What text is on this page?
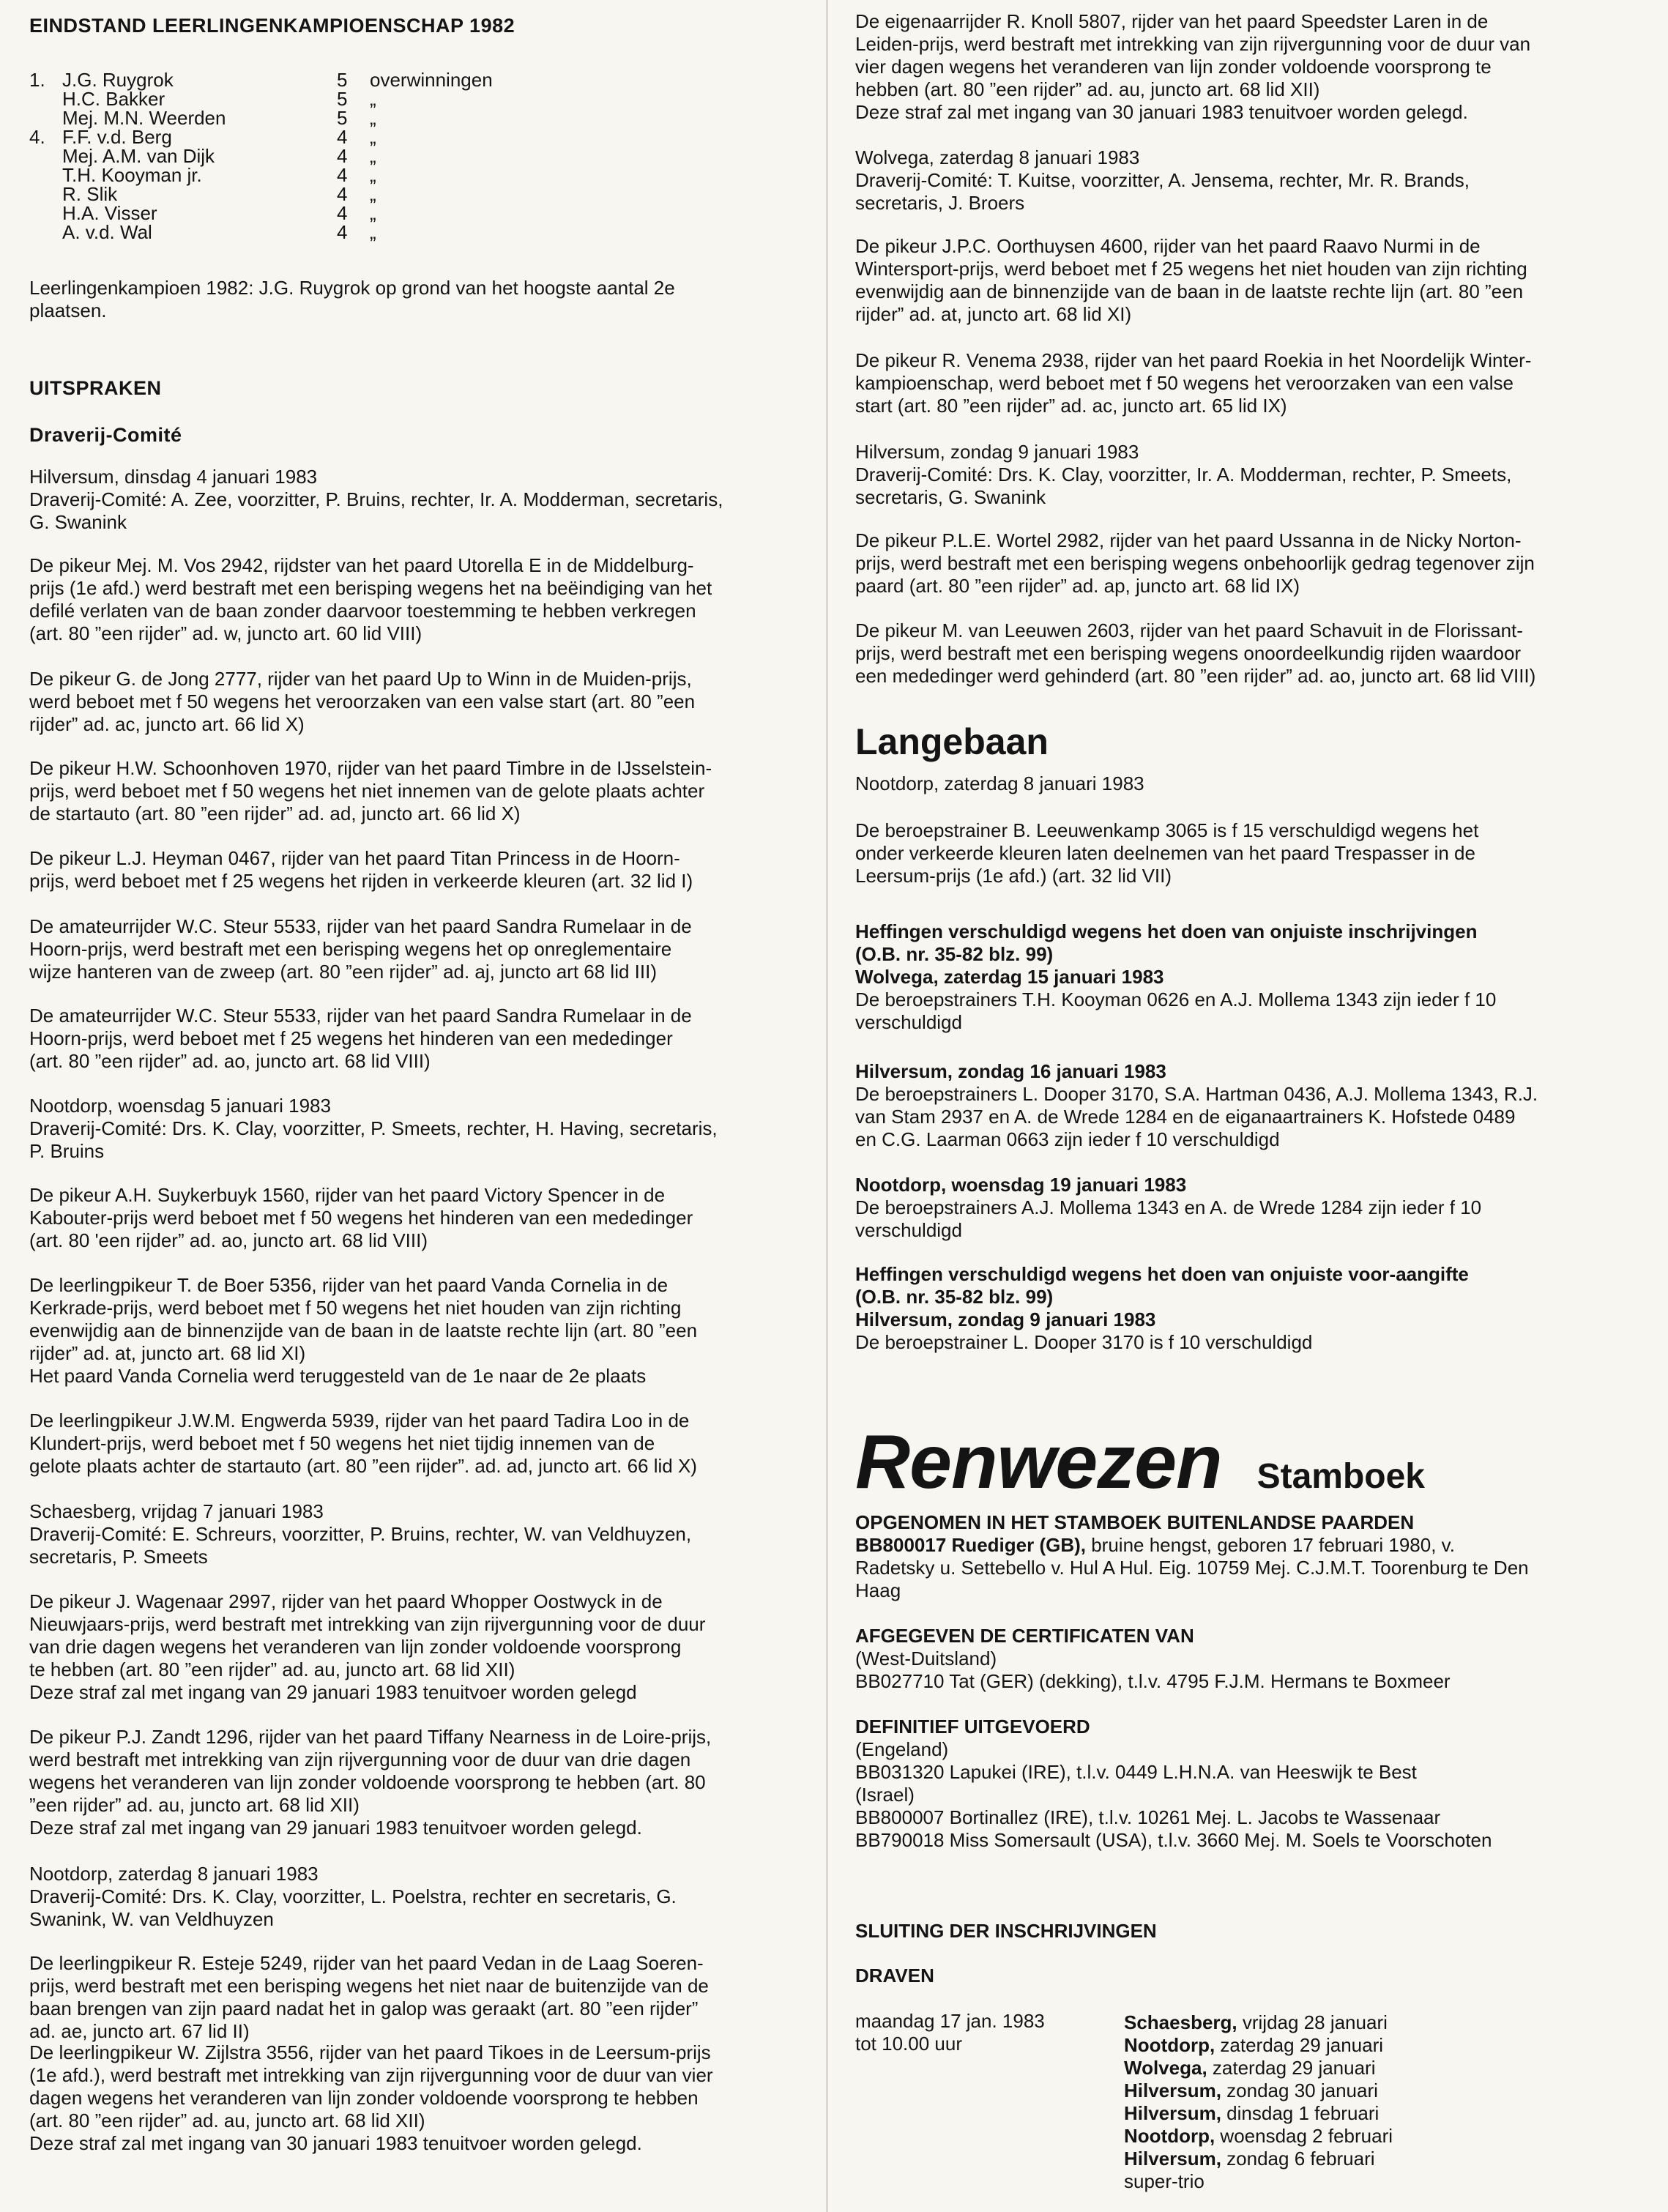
EINDSTAND LEERLINGENKAMPIOENSCHAP 1982

1.	J.G. Ruygrok	5	overwinningen
	H.C. Bakker	5	„
	Mej. M.N. Weerden	5	„
4.	F.F. v.d. Berg	4	„
	Mej. A.M. van Dijk	4	„
	T.H. Kooyman jr.	4	„
	R. Slik	4	„
	H.A. Visser	4	„
	A. v.d. Wal	4	„

Leerlingenkampioen 1982: J.G. Ruygrok op grond van het hoogste aantal 2e
plaatsen.

UITSPRAKEN

Draverij-Comité

Hilversum, dinsdag 4 januari 1983
Draverij-Comité: A. Zee, voorzitter, P. Bruins, rechter, Ir. A. Modderman, secretaris,
G. Swanink

De pikeur Mej. M. Vos 2942, rijdster van het paard Utorella E in de Middelburg-
prijs (1e afd.) werd bestraft met een berisping wegens het na beëindiging van het
defilé verlaten van de baan zonder daarvoor toestemming te hebben verkregen
(art. 80 ”een rijder” ad. w, juncto art. 60 lid VIII)

De pikeur G. de Jong 2777, rijder van het paard Up to Winn in de Muiden-prijs,
werd beboet met f 50 wegens het veroorzaken van een valse start (art. 80 ”een
rijder” ad. ac, juncto art. 66 lid X)

De pikeur H.W. Schoonhoven 1970, rijder van het paard Timbre in de IJsselstein-
prijs, werd beboet met f 50 wegens het niet innemen van de gelote plaats achter
de startauto (art. 80 ”een rijder” ad. ad, juncto art. 66 lid X)

De pikeur L.J. Heyman 0467, rijder van het paard Titan Princess in de Hoorn-
prijs, werd beboet met f 25 wegens het rijden in verkeerde kleuren (art. 32 lid I)

De amateurrijder W.C. Steur 5533, rijder van het paard Sandra Rumelaar in de
Hoorn-prijs, werd bestraft met een berisping wegens het op onreglementaire
wijze hanteren van de zweep (art. 80 ”een rijder” ad. aj, juncto art 68 lid III)

De amateurrijder W.C. Steur 5533, rijder van het paard Sandra Rumelaar in de
Hoorn-prijs, werd beboet met f 25 wegens het hinderen van een mededinger
(art. 80 ”een rijder” ad. ao, juncto art. 68 lid VIII)

Nootdorp, woensdag 5 januari 1983
Draverij-Comité: Drs. K. Clay, voorzitter, P. Smeets, rechter, H. Having, secretaris,
P. Bruins

De pikeur A.H. Suykerbuyk 1560, rijder van het paard Victory Spencer in de
Kabouter-prijs werd beboet met f 50 wegens het hinderen van een mededinger
(art. 80 'een rijder” ad. ao, juncto art. 68 lid VIII)

De leerlingpikeur T. de Boer 5356, rijder van het paard Vanda Cornelia in de
Kerkrade-prijs, werd beboet met f 50 wegens het niet houden van zijn richting
evenwijdig aan de binnenzijde van de baan in de laatste rechte lijn (art. 80 ”een
rijder” ad. at, juncto art. 68 lid XI)
Het paard Vanda Cornelia werd teruggesteld van de 1e naar de 2e plaats

De leerlingpikeur J.W.M. Engwerda 5939, rijder van het paard Tadira Loo in de
Klundert-prijs, werd beboet met f 50 wegens het niet tijdig innemen van de
gelote plaats achter de startauto (art. 80 ”een rijder”. ad. ad, juncto art. 66 lid X)

Schaesberg, vrijdag 7 januari 1983
Draverij-Comité: E. Schreurs, voorzitter, P. Bruins, rechter, W. van Veldhuyzen,
secretaris, P. Smeets

De pikeur J. Wagenaar 2997, rijder van het paard Whopper Oostwyck in de
Nieuwjaars-prijs, werd bestraft met intrekking van zijn rijvergunning voor de duur
van drie dagen wegens het veranderen van lijn zonder voldoende voorsprong
te hebben (art. 80 ”een rijder” ad. au, juncto art. 68 lid XII)
Deze straf zal met ingang van 29 januari 1983 tenuitvoer worden gelegd

De pikeur P.J. Zandt 1296, rijder van het paard Tiffany Nearness in de Loire-prijs,
werd bestraft met intrekking van zijn rijvergunning voor de duur van drie dagen
wegens het veranderen van lijn zonder voldoende voorsprong te hebben (art. 80
”een rijder” ad. au, juncto art. 68 lid XII)
Deze straf zal met ingang van 29 januari 1983 tenuitvoer worden gelegd.

Nootdorp, zaterdag 8 januari 1983
Draverij-Comité: Drs. K. Clay, voorzitter, L. Poelstra, rechter en secretaris, G.
Swanink, W. van Veldhuyzen

De leerlingpikeur R. Esteje 5249, rijder van het paard Vedan in de Laag Soeren-
prijs, werd bestraft met een berisping wegens het niet naar de buitenzijde van de
baan brengen van zijn paard nadat het in galop was geraakt (art. 80 ”een rijder”
ad. ae, juncto art. 67 lid II)

De leerlingpikeur W. Zijlstra 3556, rijder van het paard Tikoes in de Leersum-prijs
(1e afd.), werd bestraft met intrekking van zijn rijvergunning voor de duur van vier
dagen wegens het veranderen van lijn zonder voldoende voorsprong te hebben
(art. 80 ”een rijder” ad. au, juncto art. 68 lid XII)
Deze straf zal met ingang van 30 januari 1983 tenuitvoer worden gelegd.

De eigenaarrijder R. Knoll 5807, rijder van het paard Speedster Laren in de
Leiden-prijs, werd bestraft met intrekking van zijn rijvergunning voor de duur van
vier dagen wegens het veranderen van lijn zonder voldoende voorsprong te
hebben (art. 80 ”een rijder” ad. au, juncto art. 68 lid XII)
Deze straf zal met ingang van 30 januari 1983 tenuitvoer worden gelegd.

Wolvega, zaterdag 8 januari 1983
Draverij-Comité: T. Kuitse, voorzitter, A. Jensema, rechter, Mr. R. Brands,
secretaris, J. Broers

De pikeur J.P.C. Oorthuysen 4600, rijder van het paard Raavo Nurmi in de
Wintersport-prijs, werd beboet met f 25 wegens het niet houden van zijn richting
evenwijdig aan de binnenzijde van de baan in de laatste rechte lijn (art. 80 ”een
rijder” ad. at, juncto art. 68 lid XI)

De pikeur R. Venema 2938, rijder van het paard Roekia in het Noordelijk Winter-
kampioenschap, werd beboet met f 50 wegens het veroorzaken van een valse
start (art. 80 ”een rijder” ad. ac, juncto art. 65 lid IX)

Hilversum, zondag 9 januari 1983
Draverij-Comité: Drs. K. Clay, voorzitter, Ir. A. Modderman, rechter, P. Smeets,
secretaris, G. Swanink

De pikeur P.L.E. Wortel 2982, rijder van het paard Ussanna in de Nicky Norton-
prijs, werd bestraft met een berisping wegens onbehoorlijk gedrag tegenover zijn
paard (art. 80 ”een rijder” ad. ap, juncto art. 68 lid IX)

De pikeur M. van Leeuwen 2603, rijder van het paard Schavuit in de Florissant-
prijs, werd bestraft met een berisping wegens onoordeelkundig rijden waardoor
een mededinger werd gehinderd (art. 80 ”een rijder” ad. ao, juncto art. 68 lid VIII)

Langebaan

Nootdorp, zaterdag 8 januari 1983

De beroepstrainer B. Leeuwenkamp 3065 is f 15 verschuldigd wegens het
onder verkeerde kleuren laten deelnemen van het paard Trespasser in de
Leersum-prijs (1e afd.) (art. 32 lid VII)

Heffingen verschuldigd wegens het doen van onjuiste inschrijvingen
(O.B. nr. 35-82 blz. 99)
Wolvega, zaterdag 15 januari 1983

De beroepstrainers T.H. Kooyman 0626 en A.J. Mollema 1343 zijn ieder f 10
verschuldigd

Hilversum, zondag 16 januari 1983

De beroepstrainers L. Dooper 3170, S.A. Hartman 0436, A.J. Mollema 1343, R.J.
van Stam 2937 en A. de Wrede 1284 en de eiganaartrainers K. Hofstede 0489
en C.G. Laarman 0663 zijn ieder f 10 verschuldigd

Nootdorp, woensdag 19 januari 1983

De beroepstrainers A.J. Mollema 1343 en A. de Wrede 1284 zijn ieder f 10
verschuldigd

Heffingen verschuldigd wegens het doen van onjuiste voor-aangifte
(O.B. nr. 35-82 blz. 99)
Hilversum, zondag 9 januari 1983

De beroepstrainer L. Dooper 3170 is f 10 verschuldigd

Renwezen Stamboek

OPGENOMEN IN HET STAMBOEK BUITENLANDSE PAARDEN

BB800017 Ruediger (GB), bruine hengst, geboren 17 februari 1980, v.
Radetsky u. Settebello v. Hul A Hul. Eig. 10759 Mej. C.J.M.T. Toorenburg te Den
Haag

AFGEGEVEN DE CERTIFICATEN VAN

(West-Duitsland)
BB027710 Tat (GER) (dekking), t.l.v. 4795 F.J.M. Hermans te Boxmeer

DEFINITIEF UITGEVOERD

(Engeland)
BB031320 Lapukei (IRE), t.l.v. 0449 L.H.N.A. van Heeswijk te Best
(Israel)
BB800007 Bortinallez (IRE), t.l.v. 10261 Mej. L. Jacobs te Wassenaar
BB790018 Miss Somersault (USA), t.l.v. 3660 Mej. M. Soels te Voorschoten

SLUITING DER INSCHRIJVINGEN

DRAVEN

maandag 17 jan. 1983
tot 10.00 uur

Schaesberg, vrijdag 28 januari
Nootdorp, zaterdag 29 januari
Wolvega, zaterdag 29 januari
Hilversum, zondag 30 januari
Hilversum, dinsdag 1 februari
Nootdorp, woensdag 2 februari
Hilversum, zondag 6 februari
super-trio
